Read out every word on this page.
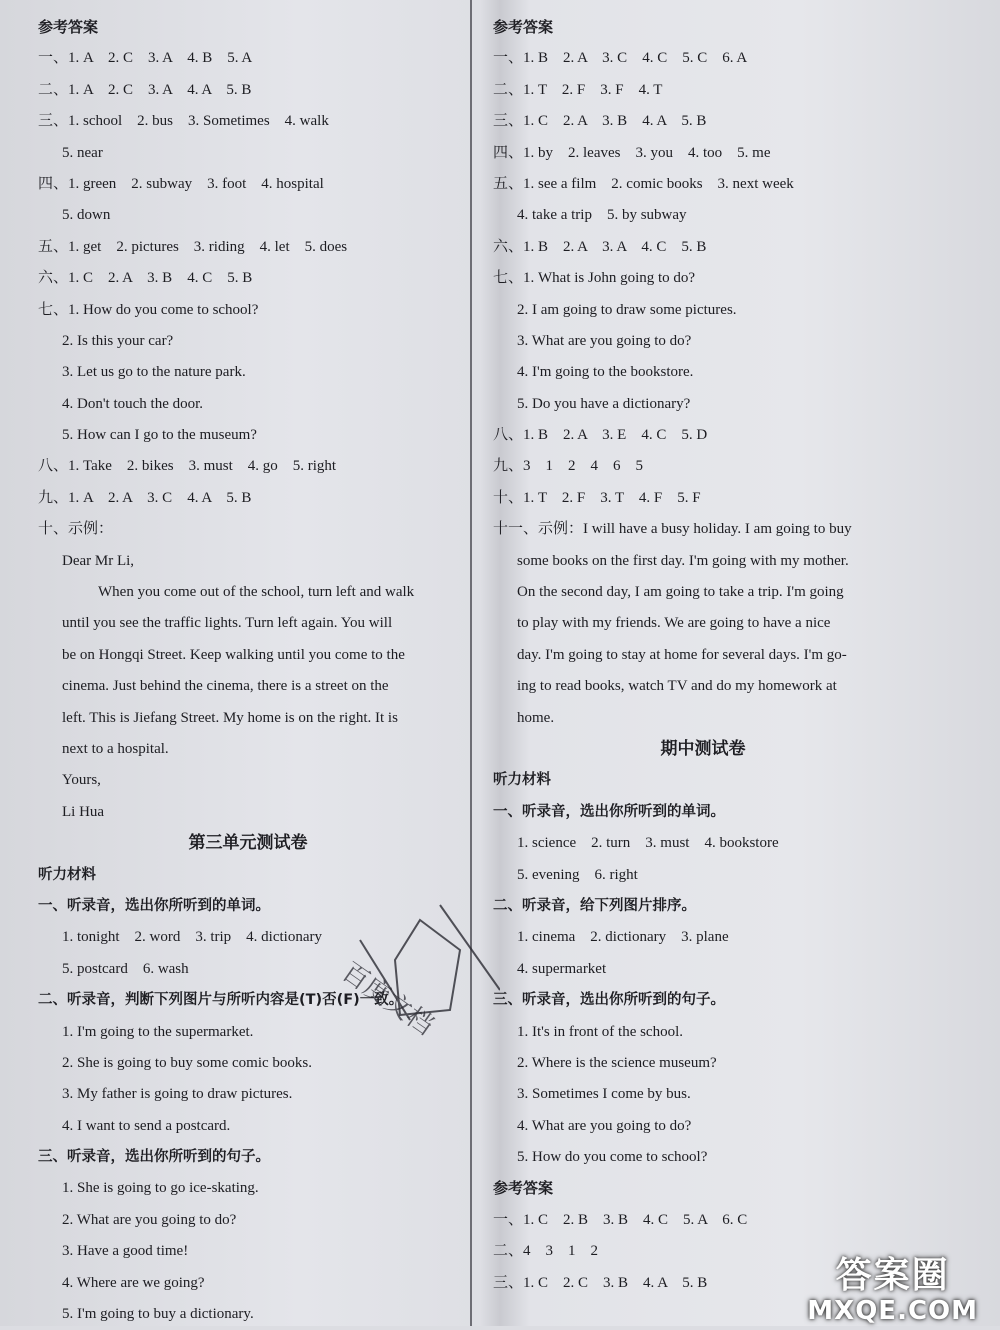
参考答案
一、1. A　2. C　3. A　4. B　5. A
二、1. A　2. C　3. A　4. A　5. B
三、1. school　2. bus　3. Sometimes　4. walk
5. near
四、1. green　2. subway　3. foot　4. hospital
5. down
五、1. get　2. pictures　3. riding　4. let　5. does
六、1. C　2. A　3. B　4. C　5. B
七、1. How do you come to school?
2. Is this your car?
3. Let us go to the nature park.
4. Don't touch the door.
5. How can I go to the museum?
八、1. Take　2. bikes　3. must　4. go　5. right
九、1. A　2. A　3. C　4. A　5. B
十、示例：
Dear Mr Li,
When you come out of the school, turn left and walk
until you see the traffic lights. Turn left again. You will
be on Hongqi Street. Keep walking until you come to the
cinema. Just behind the cinema, there is a street on the
left. This is Jiefang Street. My home is on the right. It is
next to a hospital.
Yours,
Li Hua
第三单元测试卷
听力材料
一、听录音，选出你所听到的单词。
1. tonight　2. word　3. trip　4. dictionary
5. postcard　6. wash
二、听录音，判断下列图片与所听内容是(T)否(F)一致。
1. I'm going to the supermarket.
2. She is going to buy some comic books.
3. My father is going to draw pictures.
4. I want to send a postcard.
三、听录音，选出你所听到的句子。
1. She is going to go ice-skating.
2. What are you going to do?
3. Have a good time!
4. Where are we going?
5. I'm going to buy a dictionary.
参考答案
一、1. B　2. A　3. C　4. C　5. C　6. A
二、1. T　2. F　3. F　4. T
三、1. C　2. A　3. B　4. A　5. B
四、1. by　2. leaves　3. you　4. too　5. me
五、1. see a film　2. comic books　3. next week
4. take a trip　5. by subway
六、1. B　2. A　3. A　4. C　5. B
七、1. What is John going to do?
2. I am going to draw some pictures.
3. What are you going to do?
4. I'm going to the bookstore.
5. Do you have a dictionary?
八、1. B　2. A　3. E　4. C　5. D
九、3　1　2　4　6　5
十、1. T　2. F　3. T　4. F　5. F
十一、示例：I will have a busy holiday. I am going to buy
some books on the first day. I'm going with my mother.
On the second day, I am going to take a trip. I'm going
to play with my friends. We are going to have a nice
day. I'm going to stay at home for several days. I'm go-
ing to read books, watch TV and do my homework at
home.
期中测试卷
听力材料
一、听录音，选出你所听到的单词。
1. science　2. turn　3. must　4. bookstore
5. evening　6. right
二、听录音，给下列图片排序。
1. cinema　2. dictionary　3. plane
4. supermarket
三、听录音，选出你所听到的句子。
1. It's in front of the school.
2. Where is the science museum?
3. Sometimes I come by bus.
4. What are you going to do?
5. How do you come to school?
参考答案
一、1. C　2. B　3. B　4. C　5. A　6. C
二、4　3　1　2
三、1. C　2. C　3. B　4. A　5. B
百度文档
答案圈
MXQE.COM
